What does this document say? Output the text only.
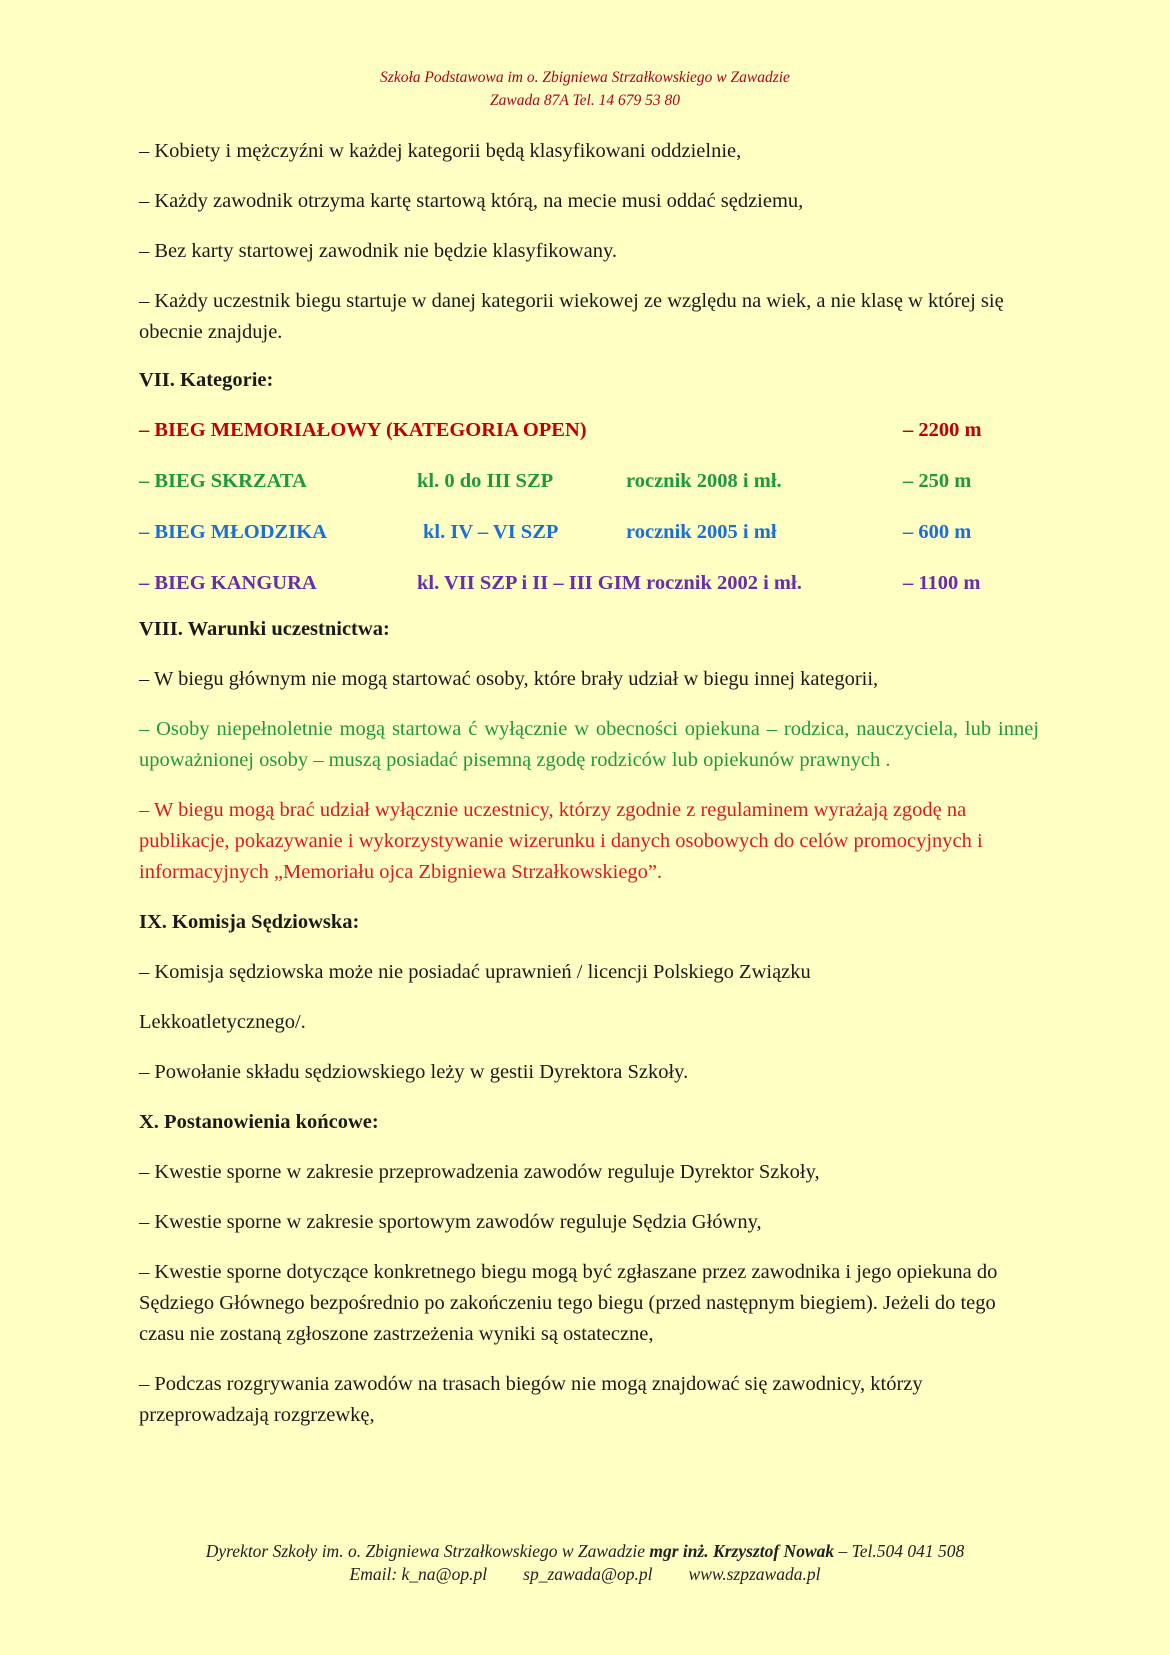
Szkoła Podstawowa im o. Zbigniewa Strzałkowskiego w Zawadzie
Zawada 87A Tel. 14 679 53 80

– Kobiety i mężczyźni w każdej kategorii będą klasyfikowani oddzielnie,

– Każdy zawodnik otrzyma kartę startową którą, na mecie musi oddać sędziemu,

– Bez karty startowej zawodnik nie będzie klasyfikowany.

– Każdy uczestnik biegu startuje w danej kategorii wiekowej ze względu na wiek, a nie klasę w której się obecnie znajduje.

VII. Kategorie:
– BIEG MEMORIAŁOWY (KATEGORIA OPEN)	– 2200 m
– BIEG SKRZATA	kl. 0 do III SZP	rocznik 2008 i mł.	– 250 m
– BIEG MŁODZIKA	kl. IV – VI SZP	rocznik 2005 i mł	– 600 m
– BIEG KANGURA	kl. VII SZP i II – III GIM rocznik 2002 i mł.	– 1100 m
VIII. Warunki uczestnictwa:

– W biegu głównym nie mogą startować osoby, które brały udział w biegu innej kategorii,

– Osoby niepełnoletnie mogą startowa ć wyłącznie w obecności opiekuna – rodzica, nauczyciela, lub innej upoważnionej osoby – muszą posiadać pisemną zgodę rodziców lub opiekunów prawnych .

– W biegu mogą brać udział wyłącznie uczestnicy, którzy zgodnie z regulaminem wyrażają zgodę na publikacje, pokazywanie i wykorzystywanie wizerunku i danych osobowych do celów promocyjnych i informacyjnych „Memoriału ojca Zbigniewa Strzałkowskiego”.

IX. Komisja Sędziowska:

– Komisja sędziowska może nie posiadać uprawnień / licencji Polskiego Związku

Lekkoatletycznego/.

– Powołanie składu sędziowskiego leży w gestii Dyrektora Szkoły.

X. Postanowienia końcowe:

– Kwestie sporne w zakresie przeprowadzenia zawodów reguluje Dyrektor Szkoły,

– Kwestie sporne w zakresie sportowym zawodów reguluje Sędzia Główny,

– Kwestie sporne dotyczące konkretnego biegu mogą być zgłaszane przez zawodnika i jego opiekuna do Sędziego Głównego bezpośrednio po zakończeniu tego biegu (przed następnym biegiem). Jeżeli do tego czasu nie zostaną zgłoszone zastrzeżenia wyniki są ostateczne,

– Podczas rozgrywania zawodów na trasach biegów nie mogą znajdować się zawodnicy, którzy przeprowadzają rozgrzewkę,

Dyrektor Szkoły im. o. Zbigniewa Strzałkowskiego w Zawadzie mgr inż. Krzysztof Nowak – Tel.504 041 508
Email: k_na@op.pl sp_zawada@op.pl www.szpzawada.pl
